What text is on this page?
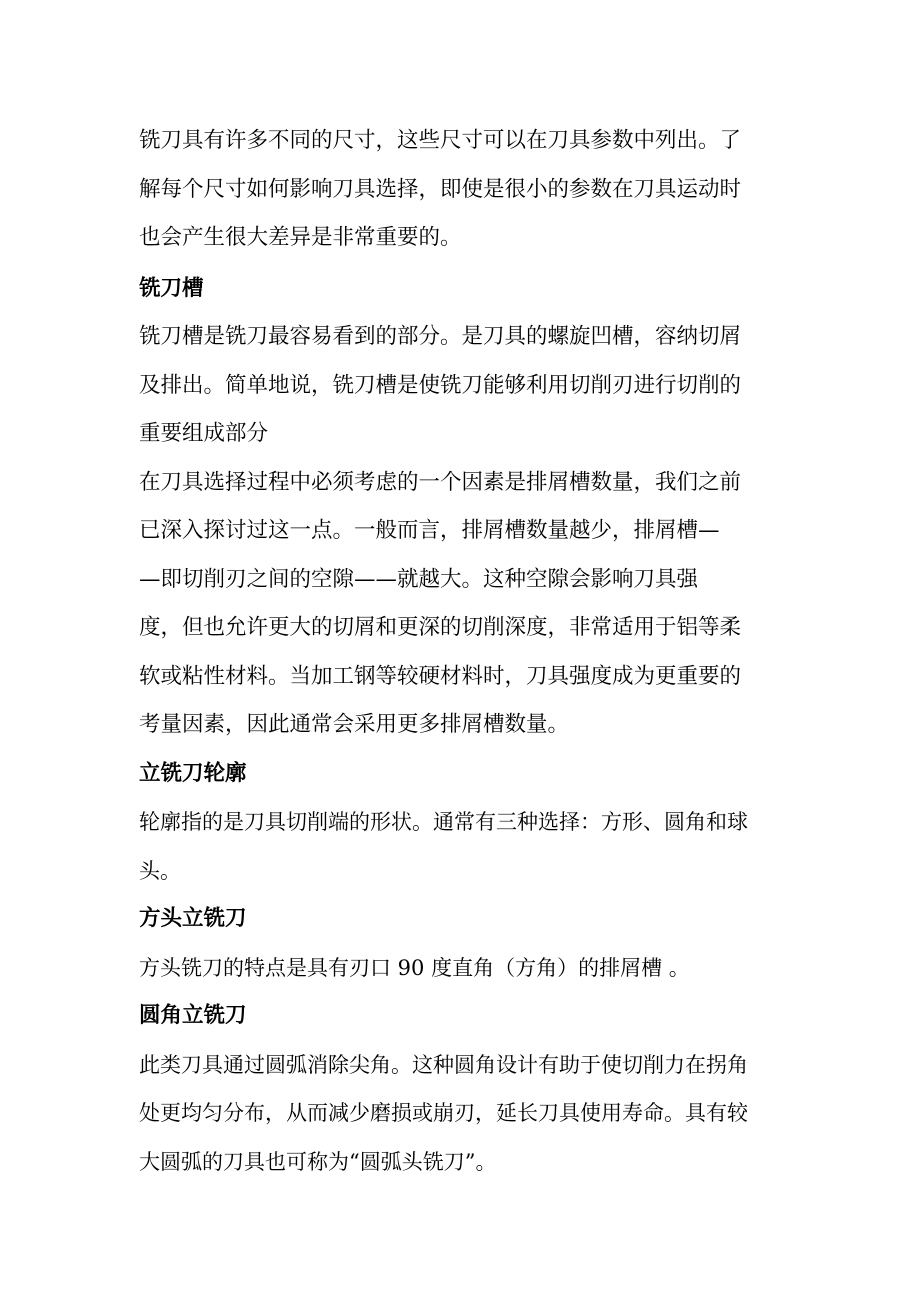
铣刀具有许多不同的尺寸，这些尺寸可以在刀具参数中列出。了
解每个尺寸如何影响刀具选择，即使是很小的参数在刀具运动时
也会产生很大差异是非常重要的。

铣刀槽

铣刀槽是铣刀最容易看到的部分。是刀具的螺旋凹槽，容纳切屑
及排出。简单地说，铣刀槽是使铣刀能够利用切削刃进行切削的
重要组成部分

在刀具选择过程中必须考虑的一个因素是排屑槽数量，我们之前
已深入探讨过这一点。一般而言，排屑槽数量越少，排屑槽—
—即切削刃之间的空隙——就越大。这种空隙会影响刀具强
度，但也允许更大的切屑和更深的切削深度，非常适用于铝等柔
软或粘性材料。当加工钢等较硬材料时，刀具强度成为更重要的
考量因素，因此通常会采用更多排屑槽数量。

立铣刀轮廓

轮廓指的是刀具切削端的形状。通常有三种选择：方形、圆角和球
头。

方头立铣刀

方头铣刀的特点是具有刃口 90 度直角（方角）的排屑槽 。

圆角立铣刀

此类刀具通过圆弧消除尖角。这种圆角设计有助于使切削力在拐角
处更均匀分布，从而减少磨损或崩刃，延长刀具使用寿命。具有较
大圆弧的刀具也可称为“圆弧头铣刀”。
